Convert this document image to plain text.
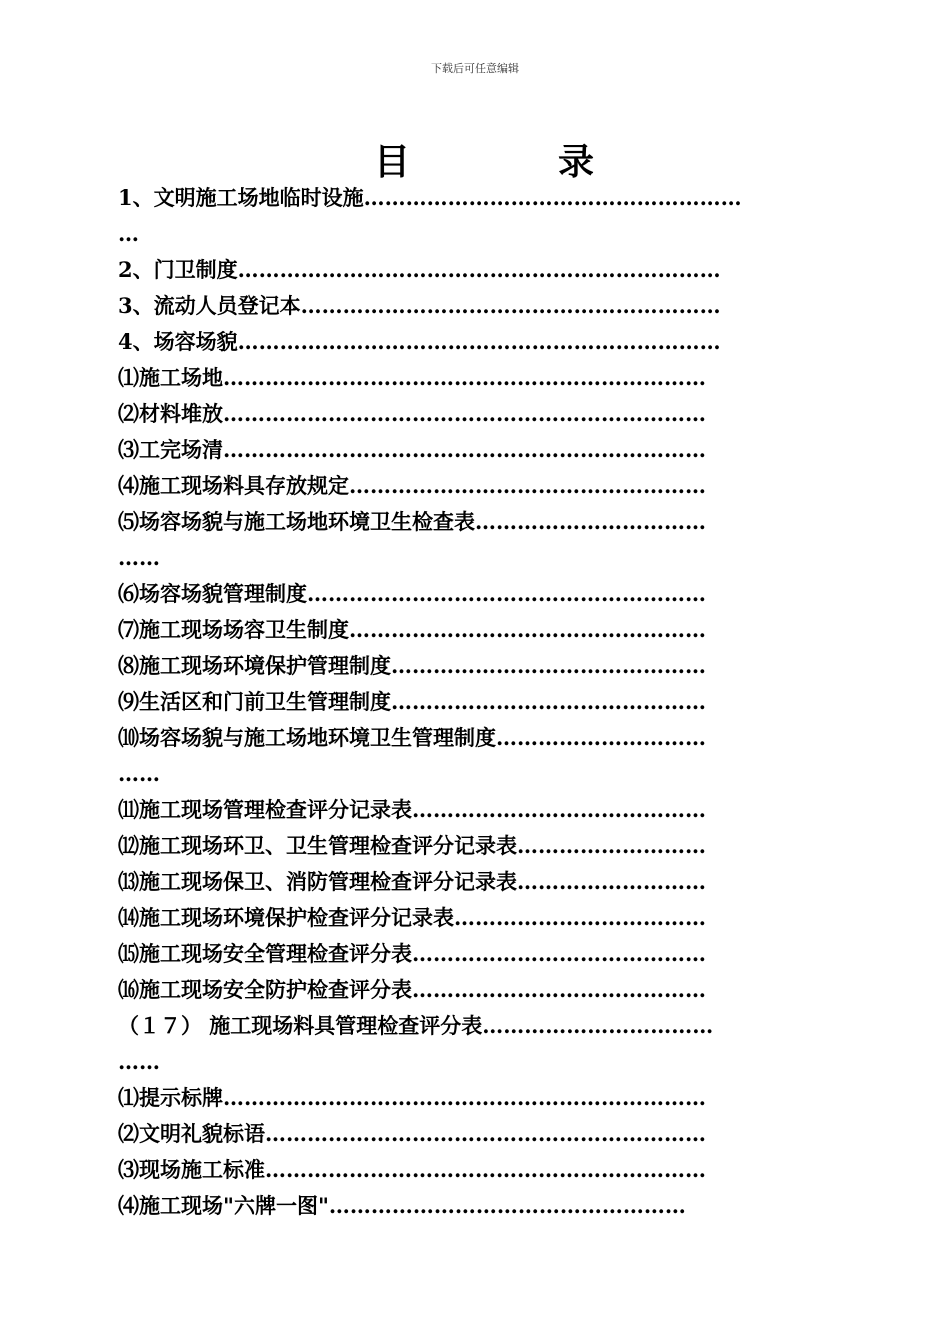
下载后可任意编辑
目	录
1、文明施工场地临时设施………………………………………………
…
2、门卫制度……………………………………………………………
3、流动人员登记本……………………………………………………
4、场容场貌……………………………………………………………
⑴施工场地……………………………………………………………
⑵材料堆放……………………………………………………………
⑶工完场清……………………………………………………………
⑷施工现场料具存放规定……………………………………………
⑸场容场貌与施工场地环境卫生检查表……………………………
……
⑹场容场貌管理制度…………………………………………………
⑺施工现场场容卫生制度……………………………………………
⑻施工现场环境保护管理制度………………………………………
⑼生活区和门前卫生管理制度………………………………………
⑽场容场貌与施工场地环境卫生管理制度…………………………
……
⑾施工现场管理检查评分记录表……………………………………
⑿施工现场环卫、卫生管理检查评分记录表………………………
⒀施工现场保卫、消防管理检查评分记录表………………………
⒁施工现场环境保护检查评分记录表………………………………
⒂施工现场安全管理检查评分表……………………………………
⒃施工现场安全防护检查评分表……………………………………
（１７） 施工现场料具管理检查评分表……………………………
……
⑴提示标牌……………………………………………………………
⑵文明礼貌标语………………………………………………………
⑶现场施工标准………………………………………………………
⑷施工现场"六牌一图"……………………………………………
